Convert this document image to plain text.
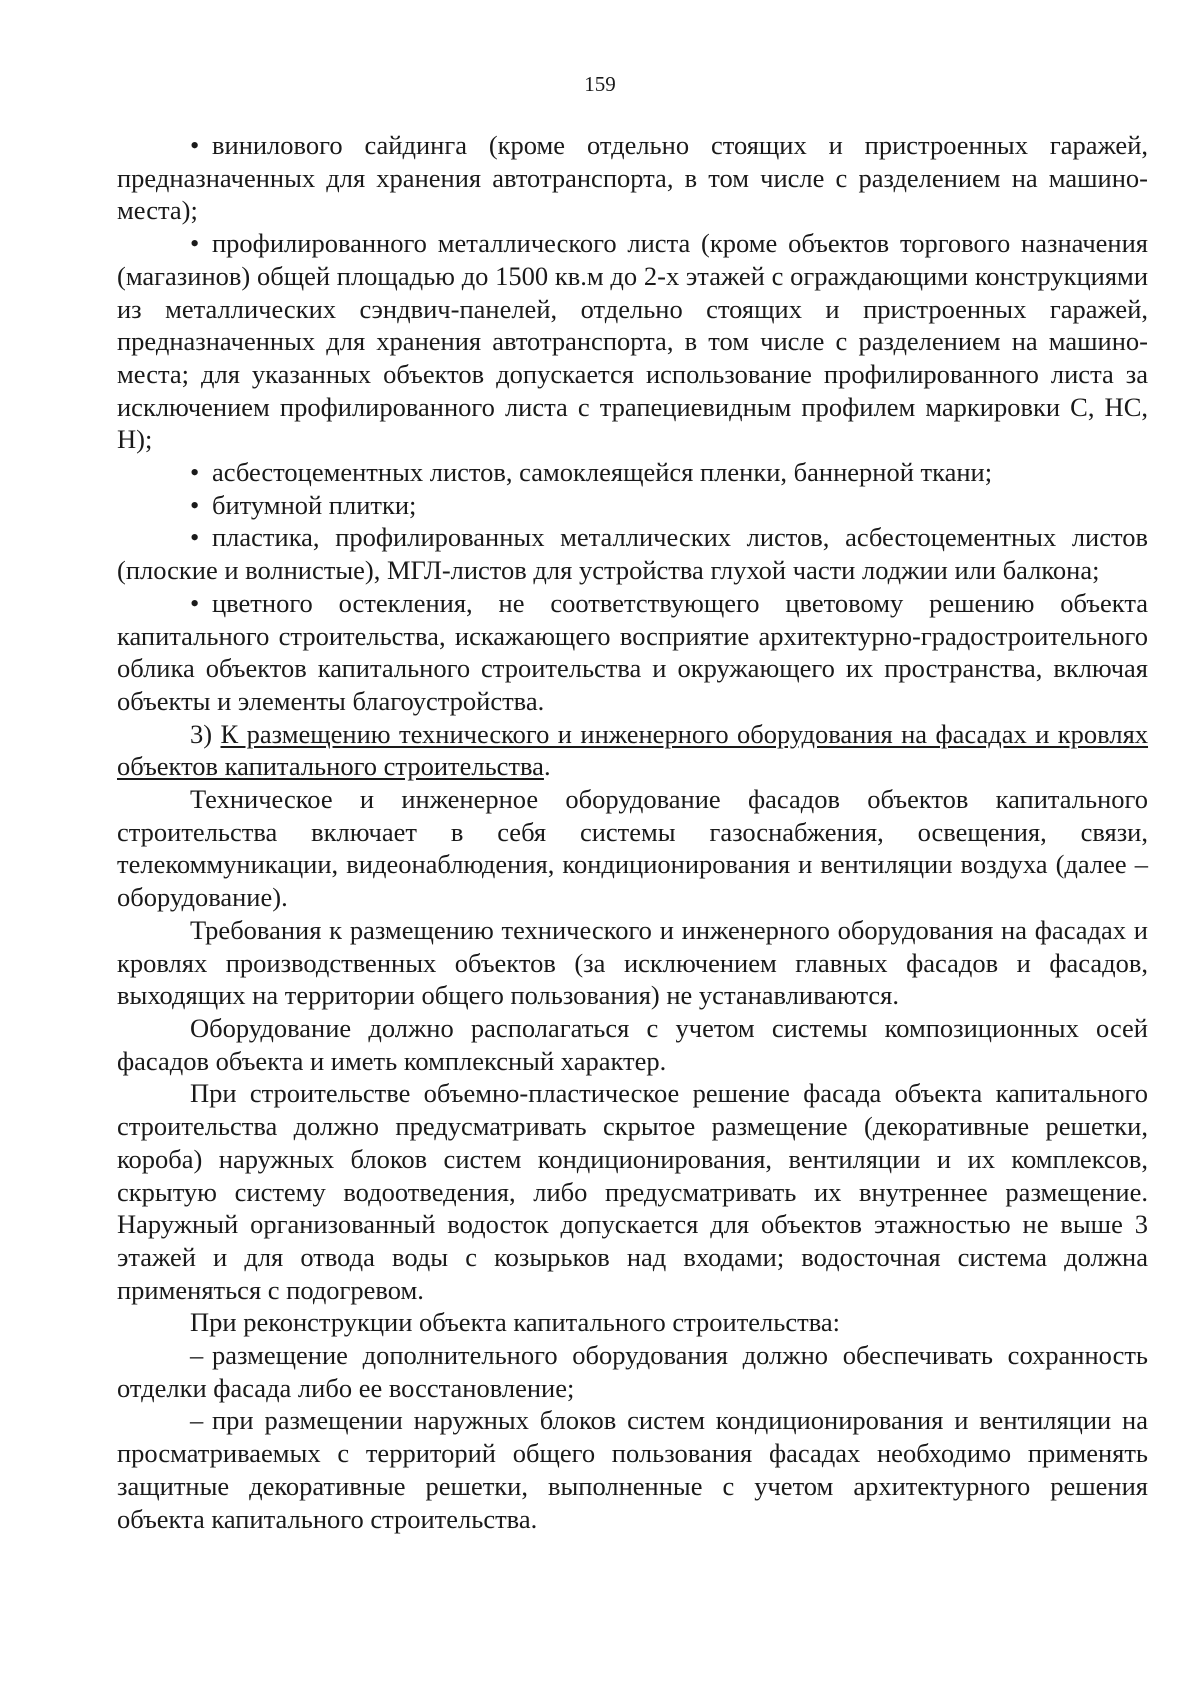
159

• винилового сайдинга (кроме отдельно стоящих и пристроенных гаражей, предназначенных для хранения автотранспорта, в том числе с разделением на машино-места);

• профилированного металлического листа (кроме объектов торгового назначения (магазинов) общей площадью до 1500 кв.м до 2-х этажей с ограждающими конструкциями из металлических сэндвич-панелей, отдельно стоящих и пристроенных гаражей, предназначенных для хранения автотранспорта, в том числе с разделением на машино-места; для указанных объектов допускается использование профилированного листа за исключением профилированного листа с трапециевидным профилем маркировки С, НС, Н);

• асбестоцементных листов, самоклеящейся пленки, баннерной ткани;

• битумной плитки;

• пластика, профилированных металлических листов, асбестоцементных листов (плоские и волнистые), МГЛ-листов для устройства глухой части лоджии или балкона;

• цветного остекления, не соответствующего цветовому решению объекта капитального строительства, искажающего восприятие архитектурно-градостроительного облика объектов капитального строительства и окружающего их пространства, включая объекты и элементы благоустройства.

3) К размещению технического и инженерного оборудования на фасадах и кровлях объектов капитального строительства.

Техническое и инженерное оборудование фасадов объектов капитального строительства включает в себя системы газоснабжения, освещения, связи, телекоммуникации, видеонаблюдения, кондиционирования и вентиляции воздуха (далее – оборудование).

Требования к размещению технического и инженерного оборудования на фасадах и кровлях производственных объектов (за исключением главных фасадов и фасадов, выходящих на территории общего пользования) не устанавливаются.

Оборудование должно располагаться с учетом системы композиционных осей фасадов объекта и иметь комплексный характер.

При строительстве объемно-пластическое решение фасада объекта капитального строительства должно предусматривать скрытое размещение (декоративные решетки, короба) наружных блоков систем кондиционирования, вентиляции и их комплексов, скрытую систему водоотведения, либо предусматривать их внутреннее размещение. Наружный организованный водосток допускается для объектов этажностью не выше 3 этажей и для отвода воды с козырьков над входами; водосточная система должна применяться с подогревом.

При реконструкции объекта капитального строительства:

– размещение дополнительного оборудования должно обеспечивать сохранность отделки фасада либо ее восстановление;

– при размещении наружных блоков систем кондиционирования и вентиляции на просматриваемых с территорий общего пользования фасадах необходимо применять защитные декоративные решетки, выполненные с учетом архитектурного решения объекта капитального строительства.
